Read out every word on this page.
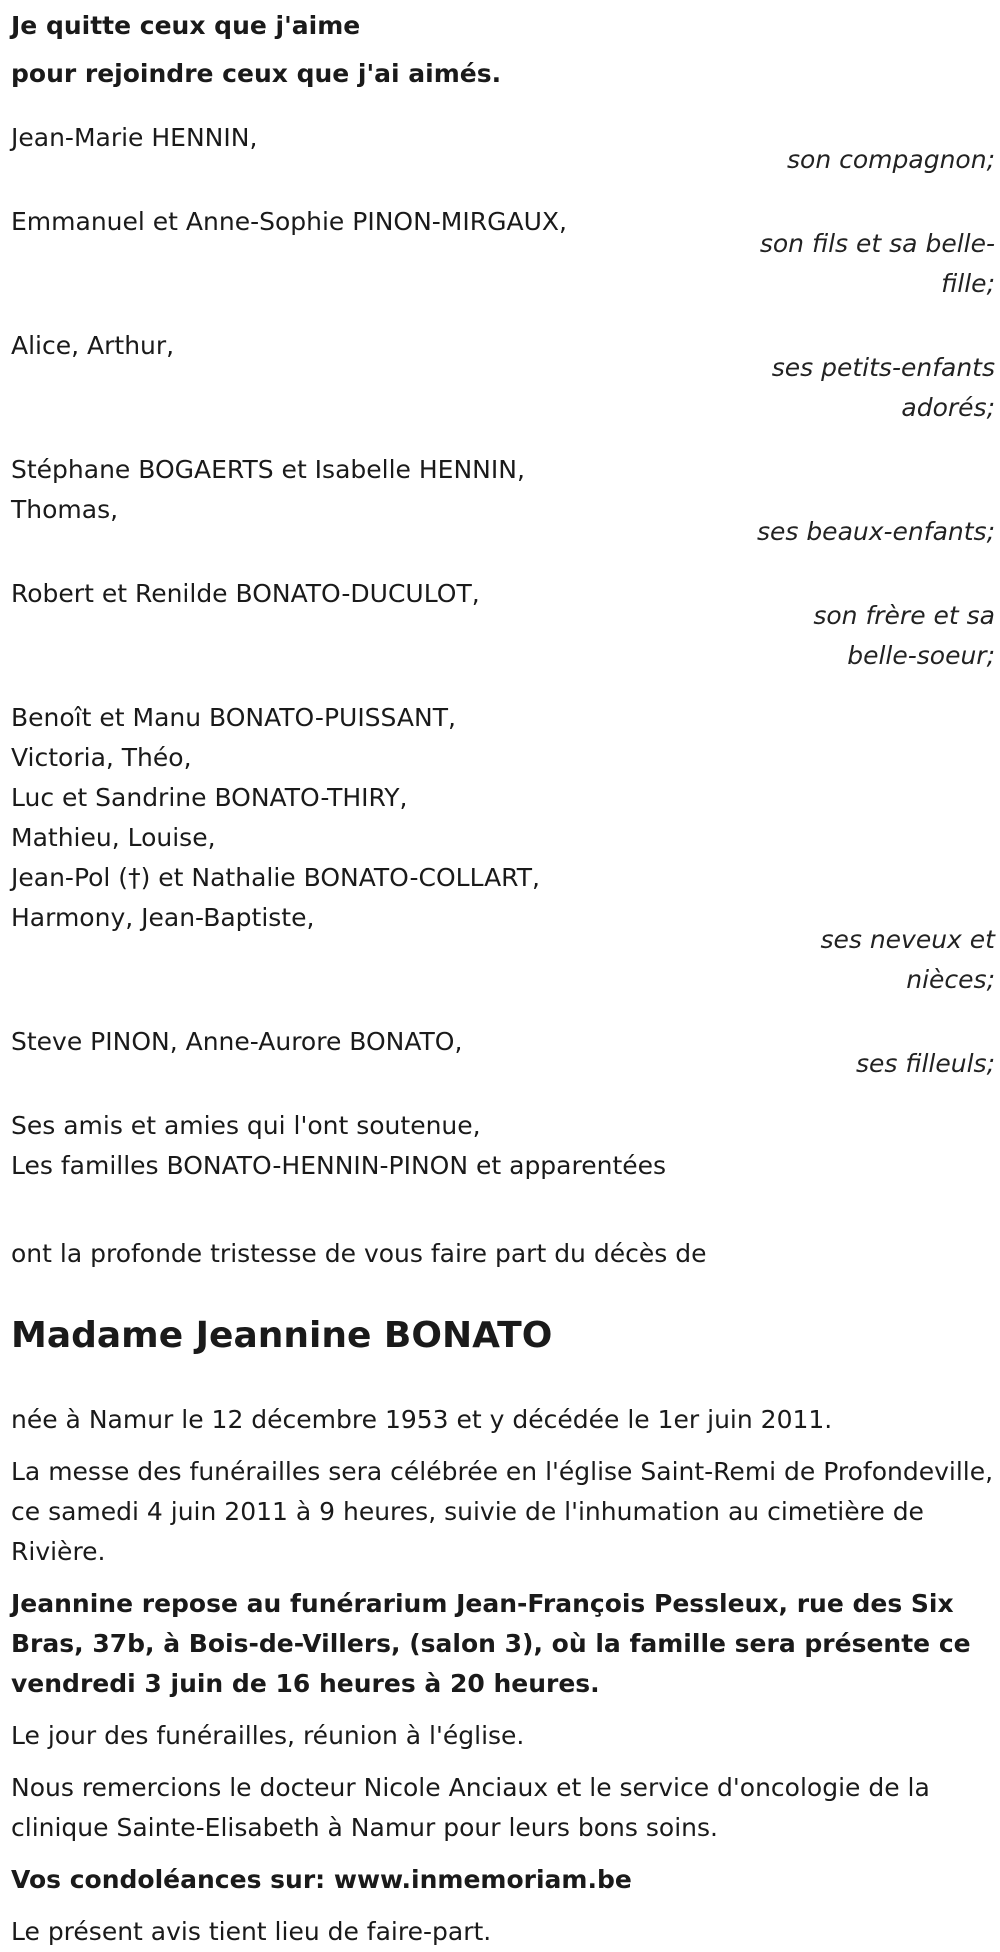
Je quitte ceux que j'aime
pour rejoindre ceux que j'ai aimés.
Jean-Marie HENNIN,
son compagnon;
Emmanuel et Anne-Sophie PINON-MIRGAUX,
son fils et sa belle-fille;
Alice, Arthur,
ses petits-enfants adorés;
Stéphane BOGAERTS et Isabelle HENNIN,
Thomas,
ses beaux-enfants;
Robert et Renilde BONATO-DUCULOT,
son frère et sa belle-soeur;
Benoît et Manu BONATO-PUISSANT,
Victoria, Théo,
Luc et Sandrine BONATO-THIRY,
Mathieu, Louise,
Jean-Pol (†) et Nathalie BONATO-COLLART,
Harmony, Jean-Baptiste,
ses neveux et nièces;
Steve PINON, Anne-Aurore BONATO,
ses filleuls;
Ses amis et amies qui l'ont soutenue,
Les familles BONATO-HENNIN-PINON et apparentées
ont la profonde tristesse de vous faire part du décès de
Madame Jeannine BONATO
née à Namur le 12 décembre 1953 et y décédée le 1er juin 2011.
La messe des funérailles sera célébrée en l'église Saint-Remi de Profondeville, ce samedi 4 juin 2011 à 9 heures, suivie de l'inhumation au cimetière de Rivière.
Jeannine repose au funérarium Jean-François Pessleux, rue des Six Bras, 37b, à Bois-de-Villers, (salon 3), où la famille sera présente ce vendredi 3 juin de 16 heures à 20 heures.
Le jour des funérailles, réunion à l'église.
Nous remercions le docteur Nicole Anciaux et le service d'oncologie de la clinique Sainte-Elisabeth à Namur pour leurs bons soins.
Vos condoléances sur: www.inmemoriam.be
Le présent avis tient lieu de faire-part.
